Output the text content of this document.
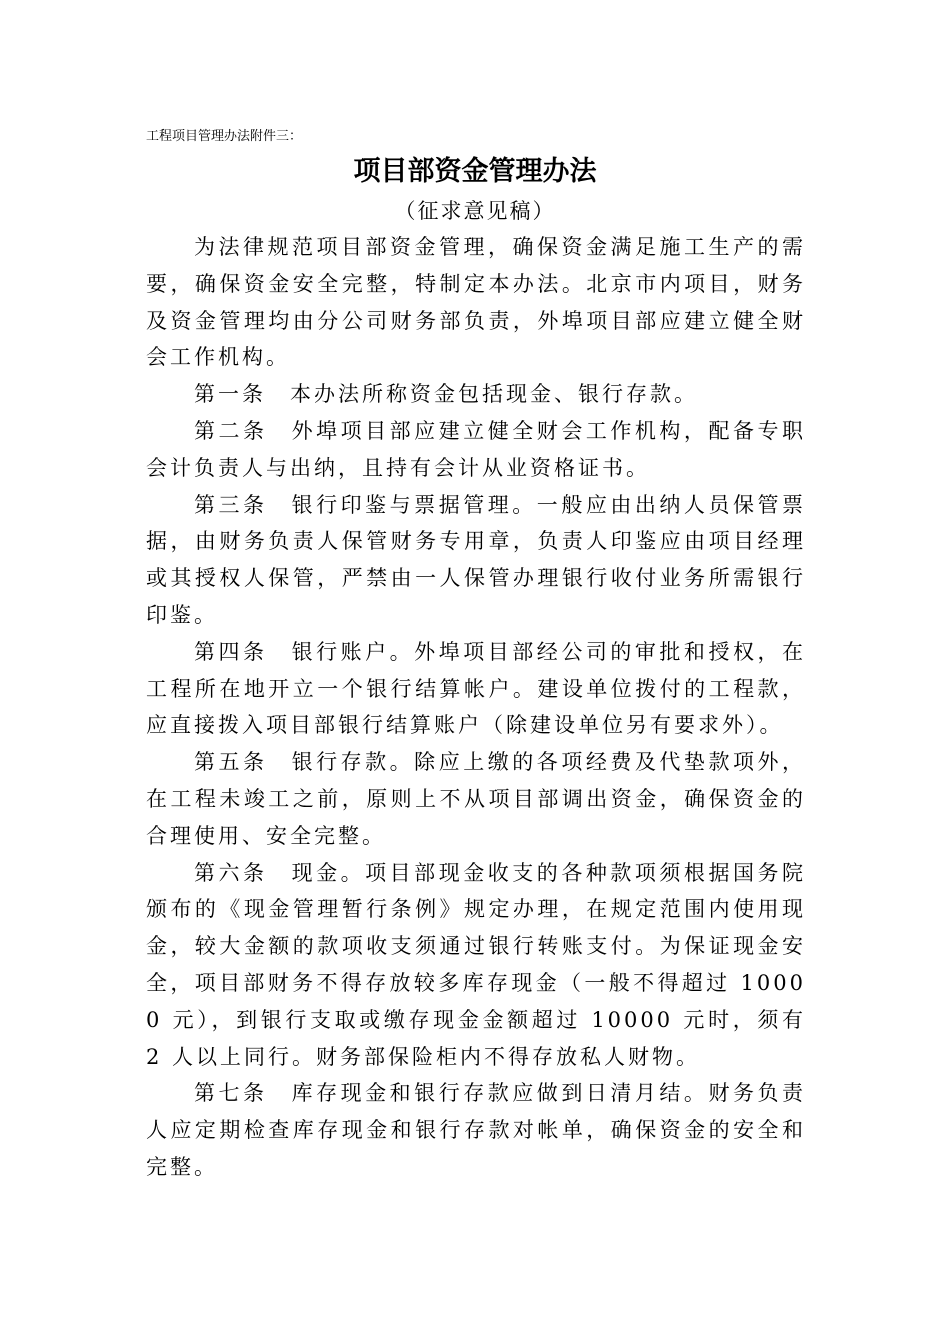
工程项目管理办法附件三：
项目部资金管理办法
（征求意见稿）

为法律规范项目部资金管理，确保资金满足施工生产的需要，确保资金安全完整，特制定本办法。北京市内项目，财务及资金管理均由分公司财务部负责，外埠项目部应建立健全财会工作机构。

第一条 本办法所称资金包括现金、银行存款。

第二条 外埠项目部应建立健全财会工作机构，配备专职会计负责人与出纳，且持有会计从业资格证书。

第三条 银行印鉴与票据管理。一般应由出纳人员保管票据，由财务负责人保管财务专用章，负责人印鉴应由项目经理或其授权人保管，严禁由一人保管办理银行收付业务所需银行印鉴。

第四条 银行账户。外埠项目部经公司的审批和授权，在工程所在地开立一个银行结算帐户。建设单位拨付的工程款，应直接拨入项目部银行结算账户（除建设单位另有要求外）。

第五条 银行存款。除应上缴的各项经费及代垫款项外，在工程未竣工之前，原则上不从项目部调出资金，确保资金的合理使用、安全完整。

第六条 现金。项目部现金收支的各种款项须根据国务院颁布的《现金管理暂行条例》规定办理，在规定范围内使用现金，较大金额的款项收支须通过银行转账支付。为保证现金安全，项目部财务不得存放较多库存现金（一般不得超过 10000 元），到银行支取或缴存现金金额超过 10000 元时，须有 2 人以上同行。财务部保险柜内不得存放私人财物。

第七条 库存现金和银行存款应做到日清月结。财务负责人应定期检查库存现金和银行存款对帐单，确保资金的安全和完整。
